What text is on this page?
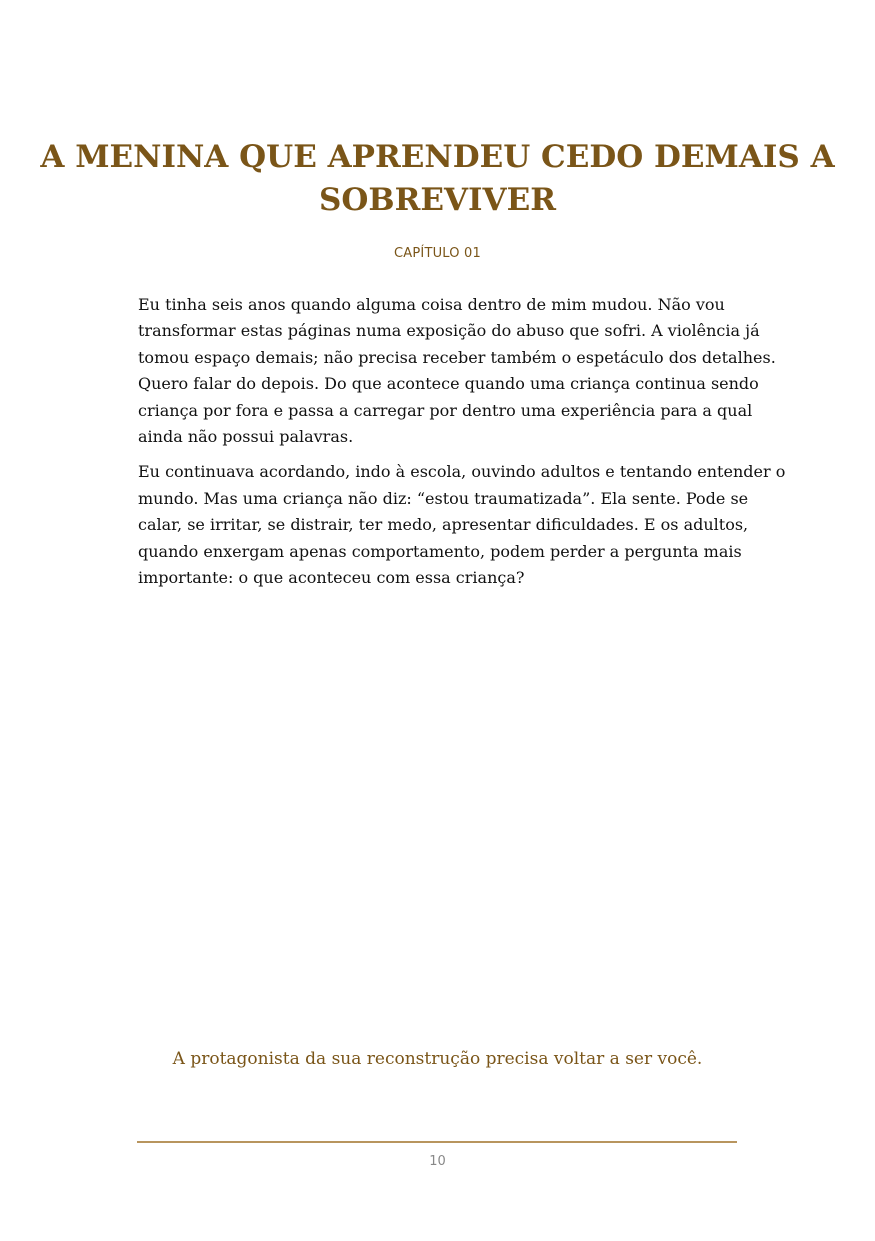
A MENINA QUE APRENDEU CEDO DEMAIS A SOBREVIVER
CAPÍTULO 01

Eu tinha seis anos quando alguma coisa dentro de mim mudou. Não vou transformar estas páginas numa exposição do abuso que sofri. A violência já tomou espaço demais; não precisa receber também o espetáculo dos detalhes. Quero falar do depois. Do que acontece quando uma criança continua sendo criança por fora e passa a carregar por dentro uma experiência para a qual ainda não possui palavras.

Eu continuava acordando, indo à escola, ouvindo adultos e tentando entender o mundo. Mas uma criança não diz: “estou traumatizada”. Ela sente. Pode se calar, se irritar, se distrair, ter medo, apresentar dificuldades. E os adultos, quando enxergam apenas comportamento, podem perder a pergunta mais importante: o que aconteceu com essa criança?

A protagonista da sua reconstrução precisa voltar a ser você.
10
